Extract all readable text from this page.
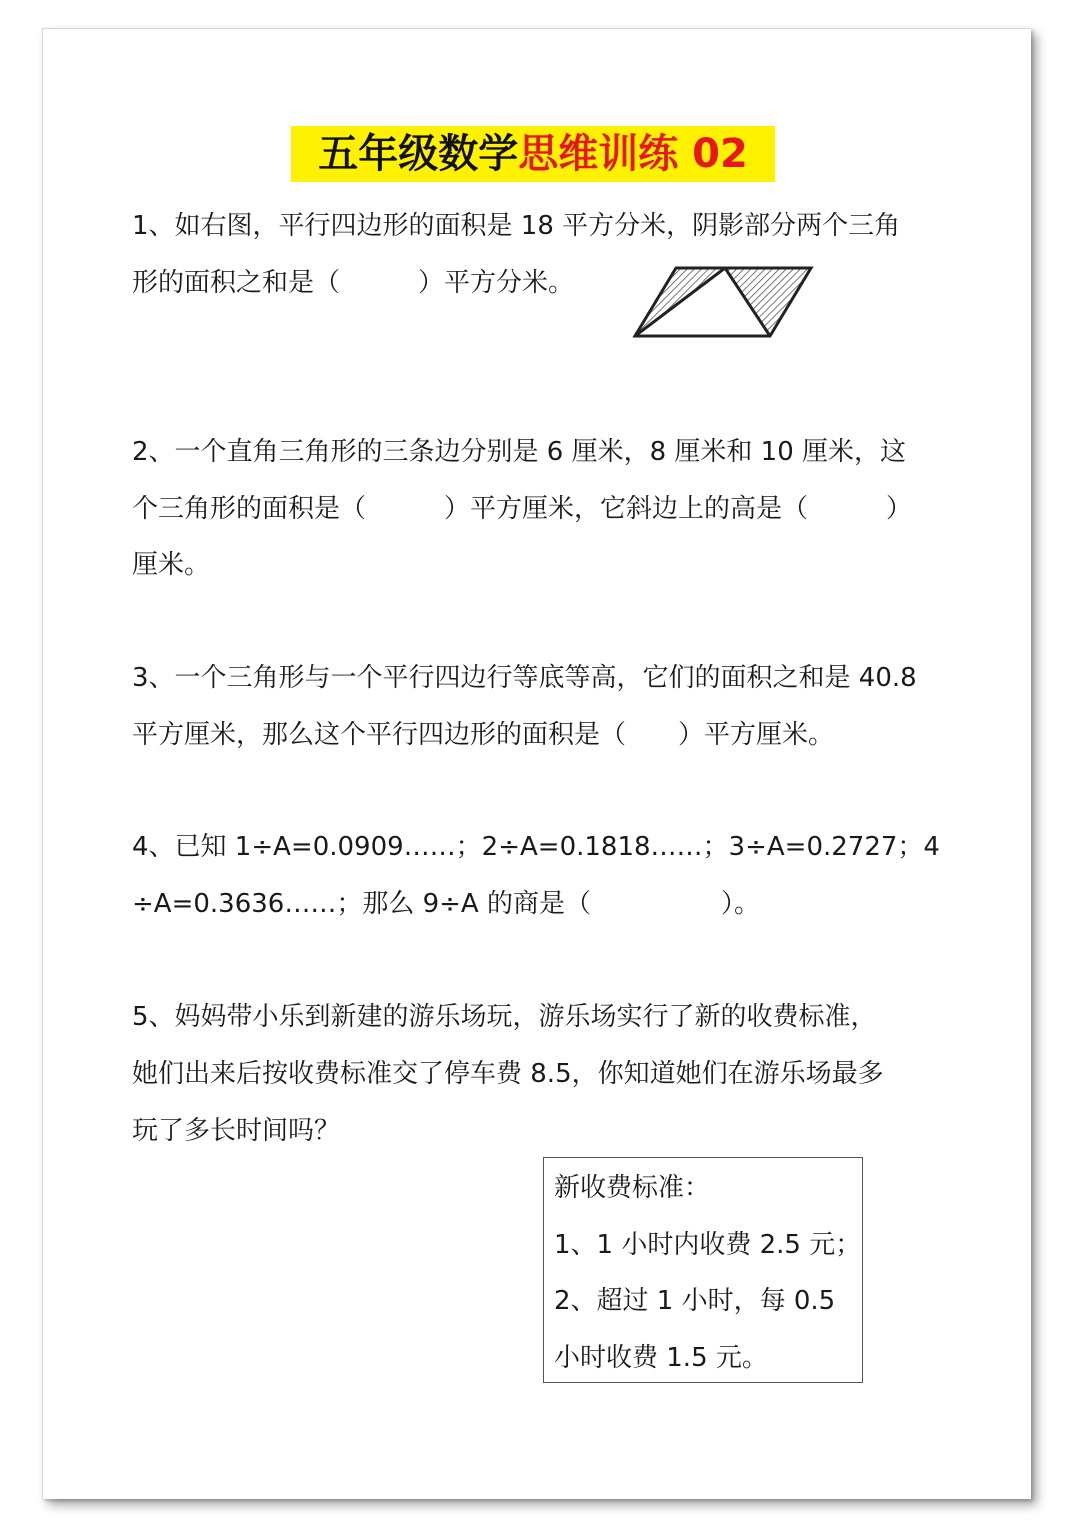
五年级数学思维训练 02
1、如右图，平行四边形的面积是 18 平方分米，阴影部分两个三角
形的面积之和是（　　　）平方分米。
2、一个直角三角形的三条边分别是 6 厘米，8 厘米和 10 厘米，这
个三角形的面积是（　　　）平方厘米，它斜边上的高是（　　　）
厘米。
3、一个三角形与一个平行四边行等底等高，它们的面积之和是 40.8
平方厘米，那么这个平行四边形的面积是（　　）平方厘米。
4、已知 1÷A=0.0909……；2÷A=0.1818……；3÷A=0.2727；4
÷A=0.3636……；那么 9÷A 的商是（　　　　　）。
5、妈妈带小乐到新建的游乐场玩，游乐场实行了新的收费标准，
她们出来后按收费标准交了停车费 8.5，你知道她们在游乐场最多
玩了多长时间吗？
新收费标准：
1、1 小时内收费 2.5 元；
2、超过 1 小时，每 0.5
小时收费 1.5 元。
